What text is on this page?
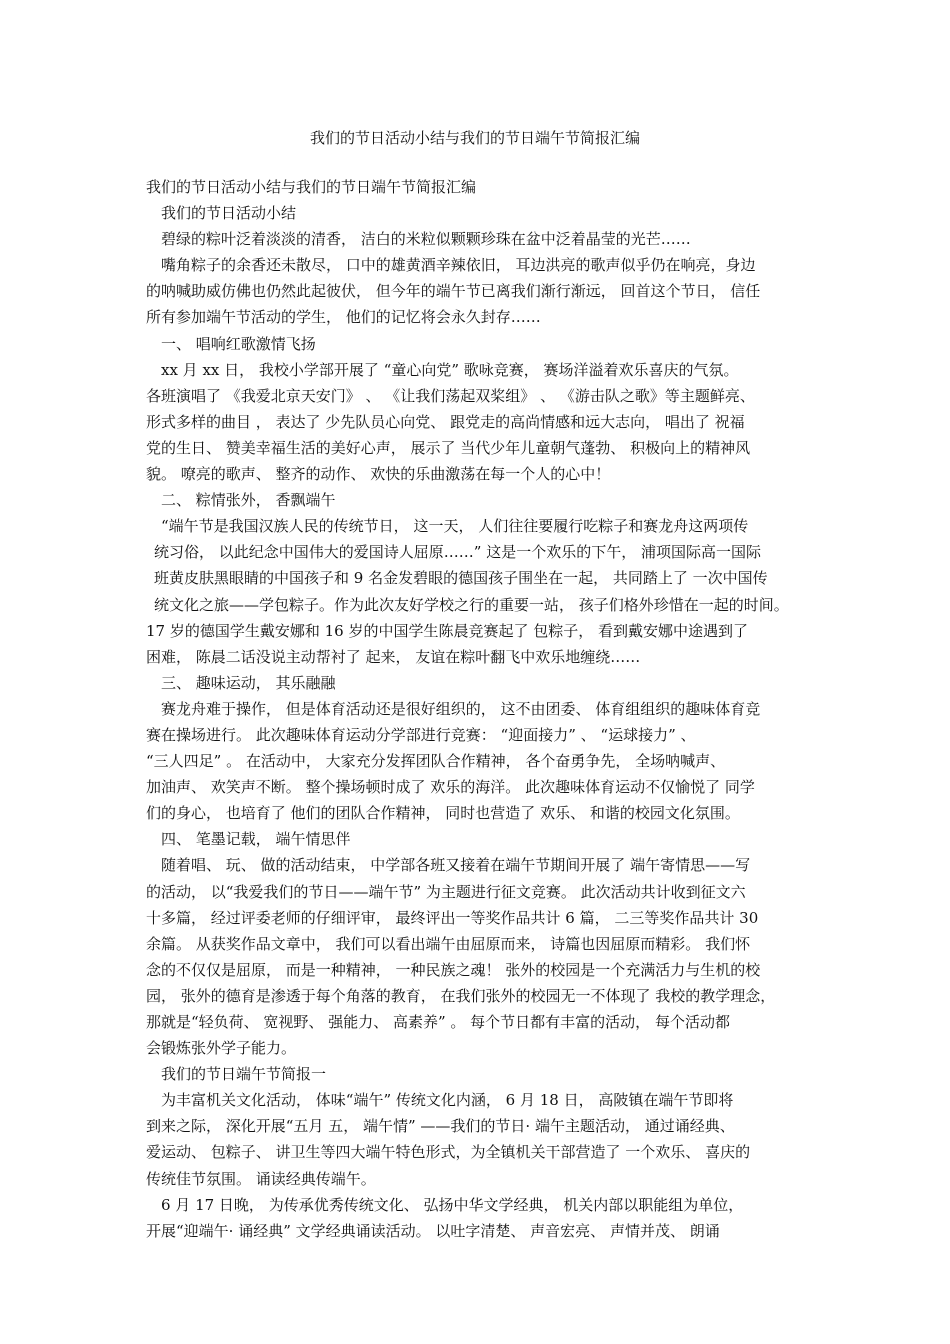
我们的节日活动小结与我们的节日端午节简报汇编
我们的节日活动小结与我们的节日端午节简报汇编
我们的节日活动小结
碧绿的粽叶泛着淡淡的清香， 洁白的米粒似颗颗珍珠在盆中泛着晶莹的光芒……
嘴角粽子的余香还未散尽， 口中的雄黄酒辛辣依旧， 耳边洪亮的歌声似乎仍在响亮，身边
的呐喊助威仿佛也仍然此起彼伏， 但今年的端午节已离我们渐行渐远， 回首这个节日， 信任
所有参加端午节活动的学生， 他们的记忆将会永久封存……
一、 唱响红歌激情飞扬
xx 月 xx 日， 我校小学部开展了 “童心向党” 歌咏竞赛， 赛场洋溢着欢乐喜庆的气氛。
各班演唱了 《我爱北京天安门》 、 《让我们荡起双桨组》 、 《游击队之歌》等主题鲜亮、
形式多样的曲目 ， 表达了 少先队员心向党、 跟党走的高尚情感和远大志向， 唱出了 祝福
党的生日、 赞美幸福生活的美好心声， 展示了 当代少年儿童朝气蓬勃、 积极向上的精神风
貌。 嘹亮的歌声、 整齐的动作、 欢快的乐曲激荡在每一个人的心中！
二、 粽情张外， 香飘端午
“端午节是我国汉族人民的传统节日， 这一天， 人们往往要履行吃粽子和赛龙舟这两项传
统习俗， 以此纪念中国伟大的爱国诗人屈原……” 这是一个欢乐的下午， 浦项国际高一国际
班黄皮肤黑眼睛的中国孩子和 9 名金发碧眼的德国孩子围坐在一起， 共同踏上了 一次中国传
统文化之旅——学包粽子。作为此次友好学校之行的重要一站， 孩子们格外珍惜在一起的时间。
17 岁的德国学生戴安娜和 16 岁的中国学生陈晨竞赛起了 包粽子， 看到戴安娜中途遇到了
困难， 陈晨二话没说主动帮衬了 起来， 友谊在粽叶翻飞中欢乐地缠绕……
三、 趣味运动， 其乐融融
赛龙舟难于操作， 但是体育活动还是很好组织的， 这不由团委、 体育组组织的趣味体育竞
赛在操场进行。 此次趣味体育运动分学部进行竞赛： “迎面接力” 、 “运球接力” 、
“三人四足” 。 在活动中， 大家充分发挥团队合作精神， 各个奋勇争先， 全场呐喊声、
加油声、 欢笑声不断。 整个操场顿时成了 欢乐的海洋。 此次趣味体育运动不仅愉悦了 同学
们的身心， 也培育了 他们的团队合作精神， 同时也营造了 欢乐、 和谐的校园文化氛围。
四、 笔墨记载， 端午情思伴
随着唱、 玩、 做的活动结束， 中学部各班又接着在端午节期间开展了 端午寄情思——写
的活动， 以“我爱我们的节日——端午节” 为主题进行征文竞赛。 此次活动共计收到征文六
十多篇， 经过评委老师的仔细评审， 最终评出一等奖作品共计 6 篇， 二三等奖作品共计 30
余篇。 从获奖作品文章中， 我们可以看出端午由屈原而来， 诗篇也因屈原而精彩。 我们怀
念的不仅仅是屈原， 而是一种精神， 一种民族之魂！ 张外的校园是一个充满活力与生机的校
园， 张外的德育是渗透于每个角落的教育， 在我们张外的校园无一不体现了 我校的教学理念，
那就是“轻负荷、 宽视野、 强能力、 高素养” 。 每个节日都有丰富的活动， 每个活动都
会锻炼张外学子能力。
我们的节日端午节简报一
为丰富机关文化活动， 体味“端午” 传统文化内涵， 6 月 18 日， 高陂镇在端午节即将
到来之际， 深化开展“五月 五， 端午情” ——我们的节日· 端午主题活动， 通过诵经典、
爱运动、 包粽子、 讲卫生等四大端午特色形式，为全镇机关干部营造了 一个欢乐、 喜庆的
传统佳节氛围。 诵读经典传端午。
6 月 17 日晚， 为传承优秀传统文化、 弘扬中华文学经典， 机关内部以职能组为单位，
开展“迎端午· 诵经典” 文学经典诵读活动。 以吐字清楚、 声音宏亮、 声情并茂、 朗诵
